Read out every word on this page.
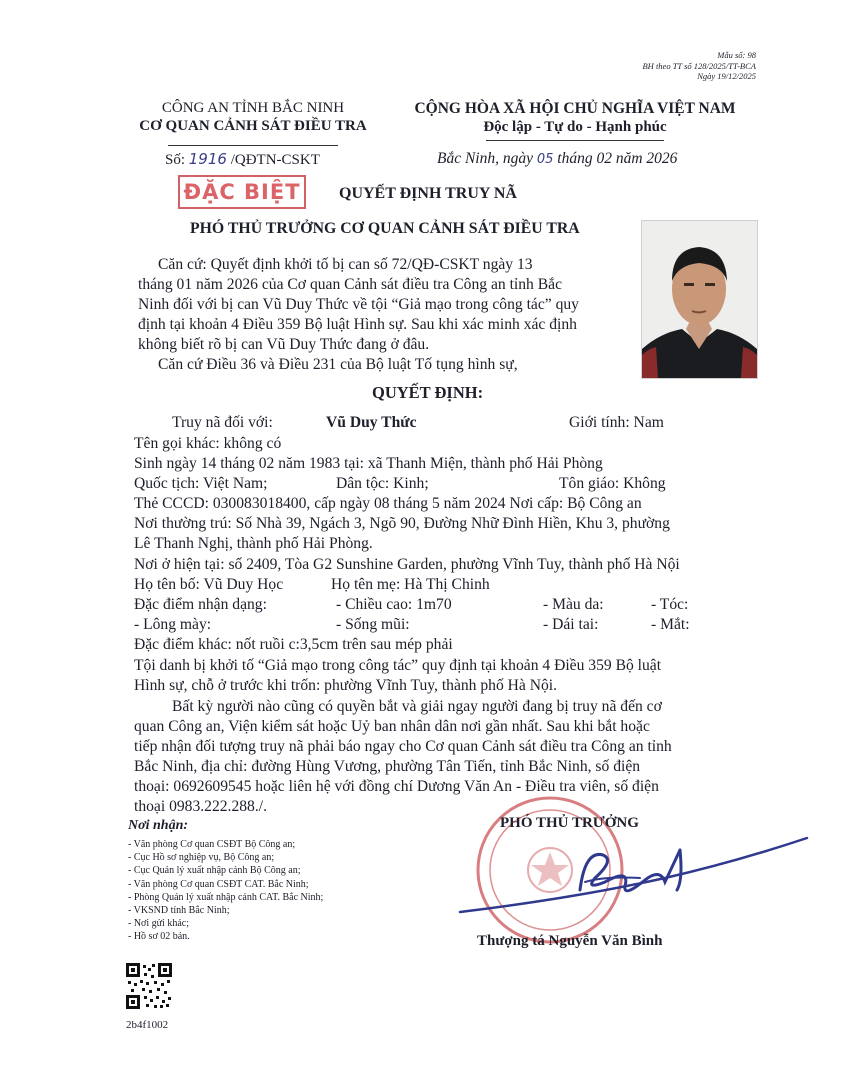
Mẫu số: 98
BH theo TT số 128/2025/TT-BCA
Ngày 19/12/2025
CÔNG AN TỈNH BẮC NINH
CƠ QUAN CẢNH SÁT ĐIỀU TRA
Số: 1916 /QĐTN-CSKT
CỘNG HÒA XÃ HỘI CHỦ NGHĨA VIỆT NAM
Độc lập - Tự do - Hạnh phúc
Bắc Ninh, ngày 05 tháng 02 năm 2026
ĐẶC BIỆT	QUYẾT ĐỊNH TRUY NÃ
PHÓ THỦ TRƯỞNG CƠ QUAN CẢNH SÁT ĐIỀU TRA
Căn cứ: Quyết định khởi tố bị can số 72/QĐ-CSKT ngày 13
tháng 01 năm 2026 của Cơ quan Cảnh sát điều tra Công an tỉnh Bắc
Ninh đối với bị can Vũ Duy Thức về tội “Giả mạo trong công tác” quy
định tại khoản 4 Điều 359 Bộ luật Hình sự. Sau khi xác minh xác định
không biết rõ bị can Vũ Duy Thức đang ở đâu.
Căn cứ Điều 36 và Điều 231 của Bộ luật Tố tụng hình sự,
QUYẾT ĐỊNH:
Truy nã đối với:	Vũ Duy Thức	Giới tính: Nam
Tên gọi khác: không có
Sinh ngày 14 tháng 02 năm 1983 tại: xã Thanh Miện, thành phố Hải Phòng
Quốc tịch: Việt Nam;	Dân tộc: Kinh;	Tôn giáo: Không
Thẻ CCCD: 030083018400, cấp ngày 08 tháng 5 năm 2024 Nơi cấp: Bộ Công an
Nơi thường trú: Số Nhà 39, Ngách 3, Ngõ 90, Đường Nhữ Đình Hiền, Khu 3, phường
Lê Thanh Nghị, thành phố Hải Phòng.
Nơi ở hiện tại: số 2409, Tòa G2 Sunshine Garden, phường Vĩnh Tuy, thành phố Hà Nội
Họ tên bố: Vũ Duy Học	Họ tên mẹ: Hà Thị Chinh
Đặc điểm nhận dạng:	- Chiều cao: 1m70	- Màu da:	- Tóc:
- Lông mày:	- Sống mũi:	- Dái tai:	- Mắt:
Đặc điểm khác: nốt ruồi c:3,5cm trên sau mép phải
Tội danh bị khởi tố “Giả mạo trong công tác” quy định tại khoản 4 Điều 359 Bộ luật
Hình sự, chỗ ở trước khi trốn: phường Vĩnh Tuy, thành phố Hà Nội.
Bất kỳ người nào cũng có quyền bắt và giải ngay người đang bị truy nã đến cơ
quan Công an, Viện kiểm sát hoặc Uỷ ban nhân dân nơi gần nhất. Sau khi bắt hoặc
tiếp nhận đối tượng truy nã phải báo ngay cho Cơ quan Cảnh sát điều tra Công an tỉnh
Bắc Ninh, địa chỉ: đường Hùng Vương, phường Tân Tiến, tỉnh Bắc Ninh, số điện
thoại: 0692609545 hoặc liên hệ với đồng chí Dương Văn An - Điều tra viên, số điện
thoại 0983.222.288./.
Nơi nhận:
- Văn phòng Cơ quan CSĐT Bộ Công an;
- Cục Hồ sơ nghiệp vụ, Bộ Công an;
- Cục Quản lý xuất nhập cảnh Bộ Công an;
- Văn phòng Cơ quan CSĐT CAT. Bắc Ninh;
- Phòng Quản lý xuất nhập cảnh CAT. Bắc Ninh;
- VKSND tỉnh Bắc Ninh;
- Nơi gửi khác;
- Hồ sơ 02 bản.
PHÓ THỦ TRƯỞNG
Thượng tá Nguyễn Văn Bình
2b4f1002
